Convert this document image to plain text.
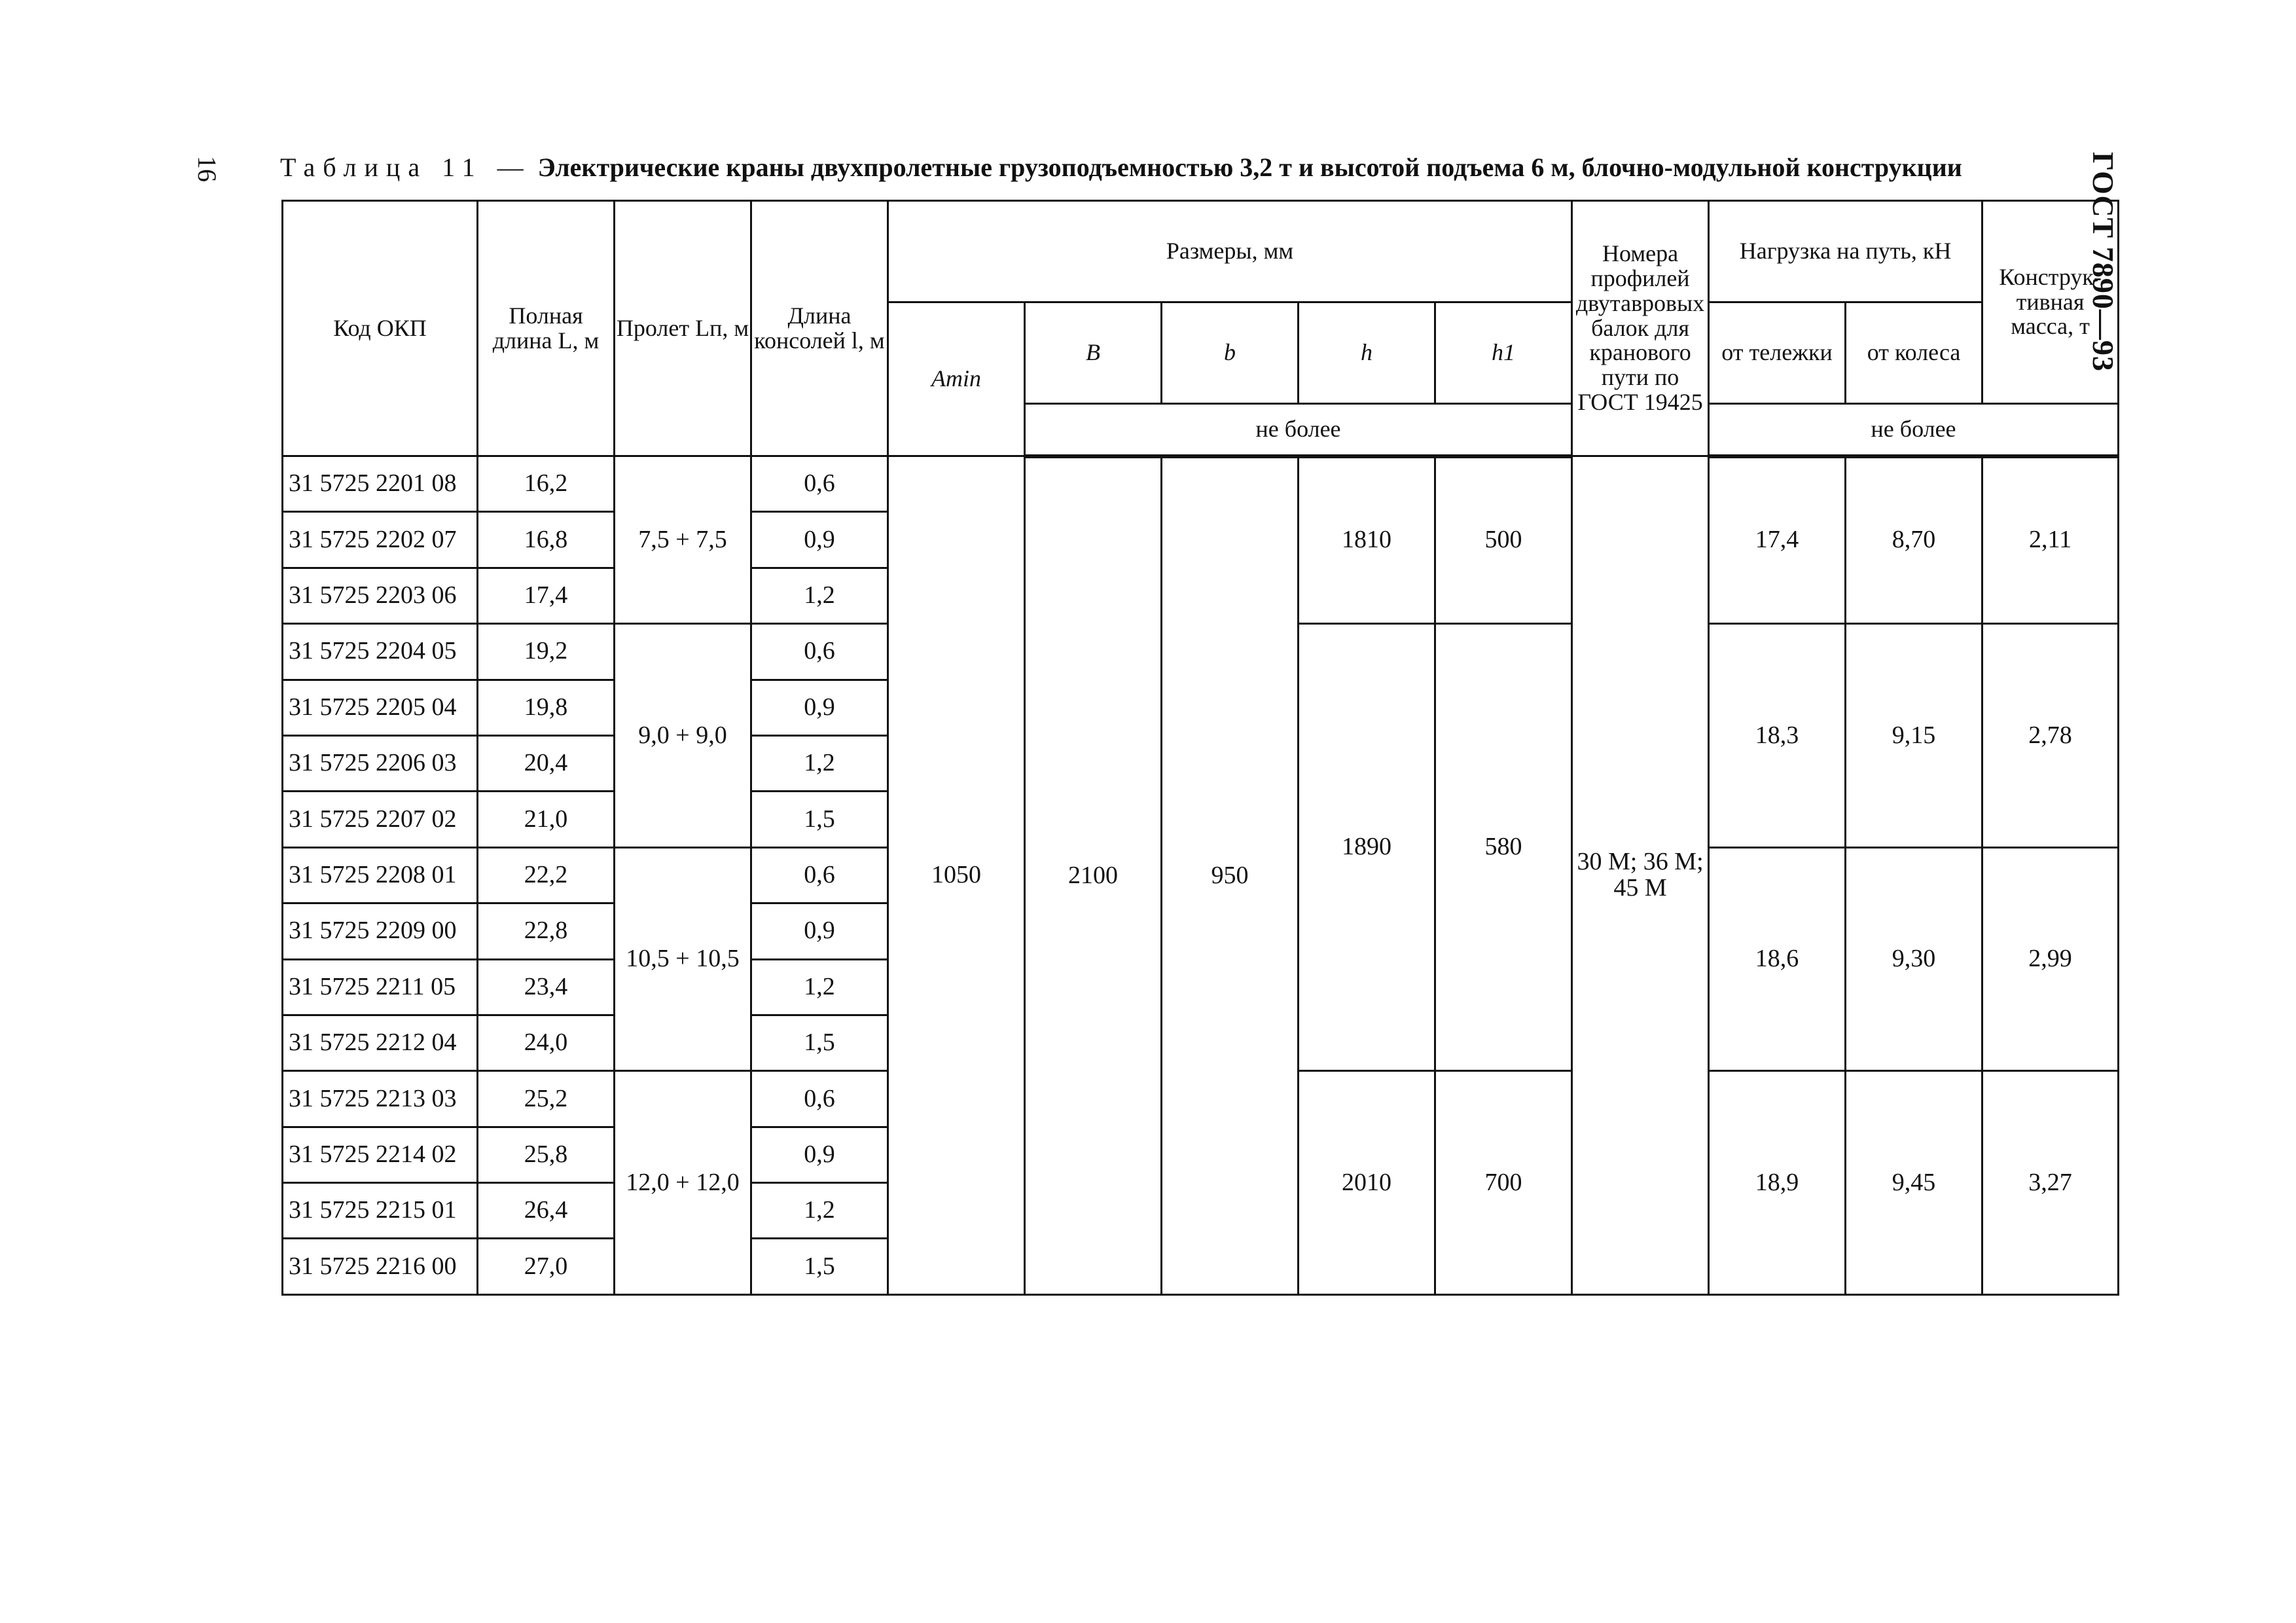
16	ГОСТ 7890—93
Таблица 11 — Электрические краны двухпролетные грузоподъемностью 3,2 т и высотой подъема 6 м, блочно-модульной конструкции
Код ОКП	Полная длина L, м	Пролет Lп, м	Длина консолей l, м	Размеры, мм					Номера профилей двутавровых балок для кранового пути по ГОСТ 19425	Нагрузка на путь, кН		Конструк-тивная масса, т
				Amin	B	b	h	h1		от тележки	от колеса	
					не более					не более		
31 5725 2201 08	16,2	7,5 + 7,5	0,6	1050	2100	950	1810	500	30 М; 36 М; 45 М	17,4	8,70	2,11
31 5725 2202 07	16,8		0,9									
31 5725 2203 06	17,4		1,2									
31 5725 2204 05	19,2	9,0 + 9,0	0,6				1890	580		18,3	9,15	2,78
31 5725 2205 04	19,8		0,9									
31 5725 2206 03	20,4		1,2									
31 5725 2207 02	21,0		1,5									
31 5725 2208 01	22,2	10,5 + 10,5	0,6							18,6	9,30	2,99
31 5725 2209 00	22,8		0,9									
31 5725 2211 05	23,4		1,2									
31 5725 2212 04	24,0		1,5									
31 5725 2213 03	25,2	12,0 + 12,0	0,6				2010	700		18,9	9,45	3,27
31 5725 2214 02	25,8		0,9									
31 5725 2215 01	26,4		1,2									
31 5725 2216 00	27,0		1,5									
